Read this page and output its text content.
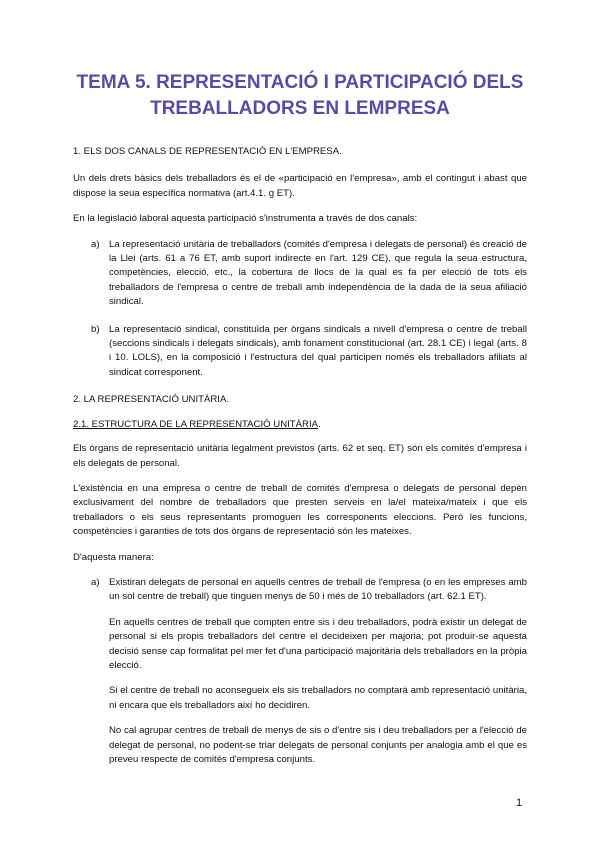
TEMA 5. REPRESENTACIÓ I PARTICIPACIÓ DELS
TREBALLADORS EN LEMPRESA

1. ELS DOS CANALS DE REPRESENTACIÓ EN L'EMPRESA.

Un dels drets bàsics dels treballadors és el de «participació en l'empresa», amb el contingut i abast que dispose la seua específica normativa (art.4.1. g ET).

En la legislació laboral aquesta participació s'instrumenta a través de dos canals:

a) La representació unitària de treballadors (comités d'empresa i delegats de personal) és creació de la Llei (arts. 61 a 76 ET, amb suport indirecte en l'art. 129 CE), que regula la seua estructura, competències, elecció, etc., la cobertura de llocs de la qual es fa per elecció de tots els treballadors de l'empresa o centre de treball amb independència de la dada de la seua afiliació sindical.
b) La representació sindical, constituïda per òrgans sindicals a nivell d'empresa o centre de treball (seccions sindicals i delegats sindicals), amb fonament constitucional (art. 28.1 CE) i legal (arts. 8 i 10. LOLS), en la composició i l'estructura del qual participen només els treballadors afiliats al sindicat corresponent.

2. LA REPRESENTACIÓ UNITÀRIA.

2.1. ESTRUCTURA DE LA REPRESENTACIÓ UNITÀRIA.

Els òrgans de representació unitària legalment previstos (arts. 62 et seq. ET) són els comités d'empresa i els delegats de personal.

L'existència en una empresa o centre de treball de comités d'empresa o delegats de personal depèn exclusivament del nombre de treballadors que presten serveis en la/el mateixa/mateix i que els treballadors o els seus representants promoguen les corresponents eleccions. Però les funcions, competències i garanties de tots dos òrgans de representació són les mateixes.

D'aquesta manera:

a) Existiran delegats de personal en aquells centres de treball de l'empresa (o en les empreses amb un sol centre de treball) que tinguen menys de 50 i més de 10 treballadors (art. 62.1 ET).

En aquells centres de treball que compten entre sis i deu treballadors, podrà existir un delegat de personal si els propis treballadors del centre el decideixen per majoria; pot produir-se aquesta decisió sense cap formalitat pel mer fet d'una participació majoritària dels treballadors en la pròpia elecció.

Si el centre de treball no aconsegueix els sis treballadors no comptarà amb representació unitària, ni encara que els treballadors així ho decidiren.

No cal agrupar centres de treball de menys de sis o d'entre sis i deu treballadors per a l'elecció de delegat de personal, no podent-se triar delegats de personal conjunts per analogia amb el que es preveu respecte de comités d'empresa conjunts.

1
